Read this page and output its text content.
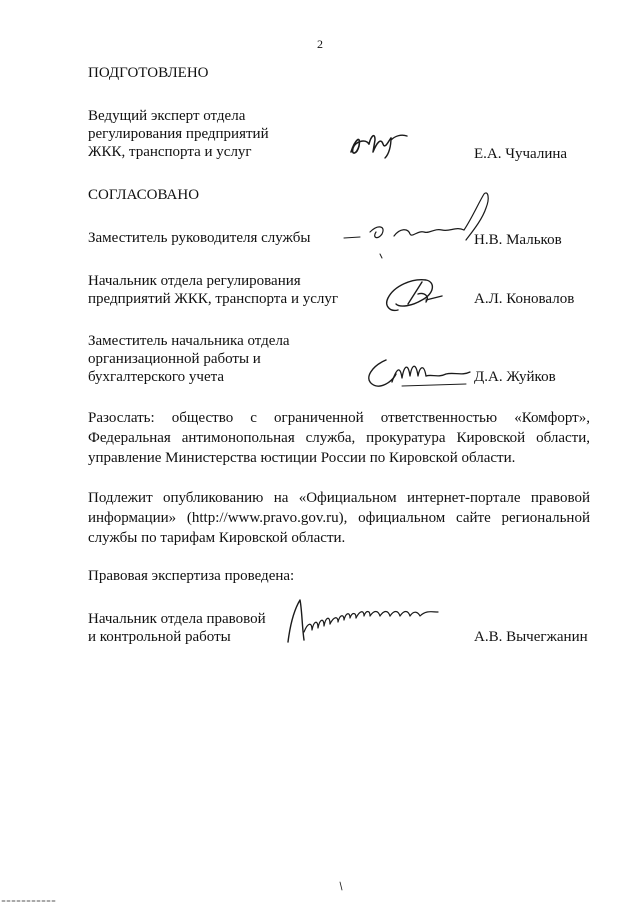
2
ПОДГОТОВЛЕНО
Ведущий эксперт отдела
регулирования предприятий
ЖКК, транспорта и услуг	Е.А. Чучалина
СОГЛАСОВАНО
Заместитель руководителя службы	Н.В. Мальков
Начальник отдела регулирования
предприятий ЖКК, транспорта и услуг	А.Л. Коновалов
Заместитель начальника отдела
организационной работы и
бухгалтерского учета	Д.А. Жуйков
Разослать: общество с ограниченной ответственностью «Комфорт»,
Федеральная антимонопольная служба, прокуратура Кировской области,
управление Министерства юстиции России по Кировской области.
Подлежит опубликованию на «Официальном интернет-портале правовой
информации» (http://www.pravo.gov.ru), официальном сайте региональной
службы по тарифам Кировской области.
Правовая экспертиза проведена:
Начальник отдела правовой
и контрольной работы	А.В. Вычегжанин
